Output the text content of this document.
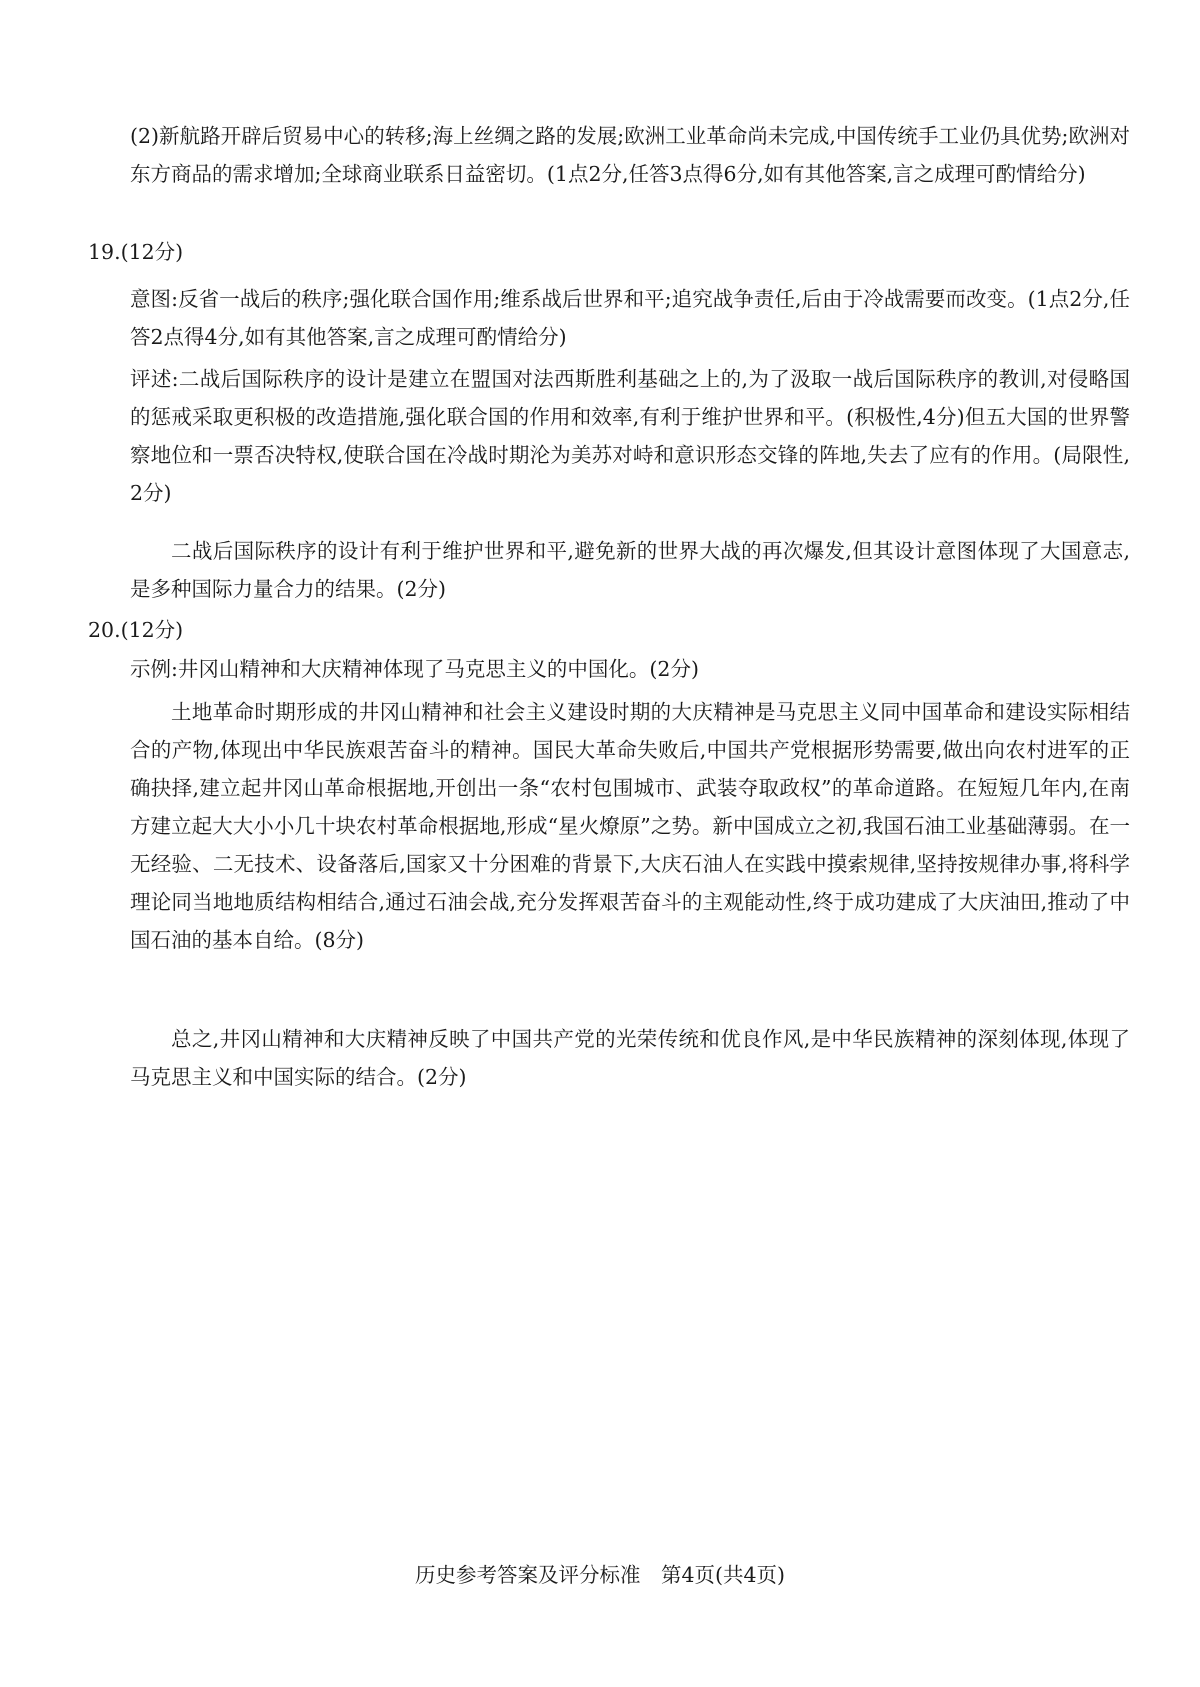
(2)新航路开辟后贸易中心的转移;海上丝绸之路的发展;欧洲工业革命尚未完成,中国传统手工业仍具优势;欧洲对东方商品的需求增加;全球商业联系日益密切。(1点2分,任答3点得6分,如有其他答案,言之成理可酌情给分)
19.(12分)
意图:反省一战后的秩序;强化联合国作用;维系战后世界和平;追究战争责任,后由于冷战需要而改变。(1点2分,任答2点得4分,如有其他答案,言之成理可酌情给分)
评述:二战后国际秩序的设计是建立在盟国对法西斯胜利基础之上的,为了汲取一战后国际秩序的教训,对侵略国的惩戒采取更积极的改造措施,强化联合国的作用和效率,有利于维护世界和平。(积极性,4分)但五大国的世界警察地位和一票否决特权,使联合国在冷战时期沦为美苏对峙和意识形态交锋的阵地,失去了应有的作用。(局限性,2分)
二战后国际秩序的设计有利于维护世界和平,避免新的世界大战的再次爆发,但其设计意图体现了大国意志,是多种国际力量合力的结果。(2分)
20.(12分)
示例:井冈山精神和大庆精神体现了马克思主义的中国化。(2分)
土地革命时期形成的井冈山精神和社会主义建设时期的大庆精神是马克思主义同中国革命和建设实际相结合的产物,体现出中华民族艰苦奋斗的精神。国民大革命失败后,中国共产党根据形势需要,做出向农村进军的正确抉择,建立起井冈山革命根据地,开创出一条“农村包围城市、武装夺取政权”的革命道路。在短短几年内,在南方建立起大大小小几十块农村革命根据地,形成“星火燎原”之势。新中国成立之初,我国石油工业基础薄弱。在一无经验、二无技术、设备落后,国家又十分困难的背景下,大庆石油人在实践中摸索规律,坚持按规律办事,将科学理论同当地地质结构相结合,通过石油会战,充分发挥艰苦奋斗的主观能动性,终于成功建成了大庆油田,推动了中国石油的基本自给。(8分)
总之,井冈山精神和大庆精神反映了中国共产党的光荣传统和优良作风,是中华民族精神的深刻体现,体现了马克思主义和中国实际的结合。(2分)
历史参考答案及评分标准　第4页(共4页)
